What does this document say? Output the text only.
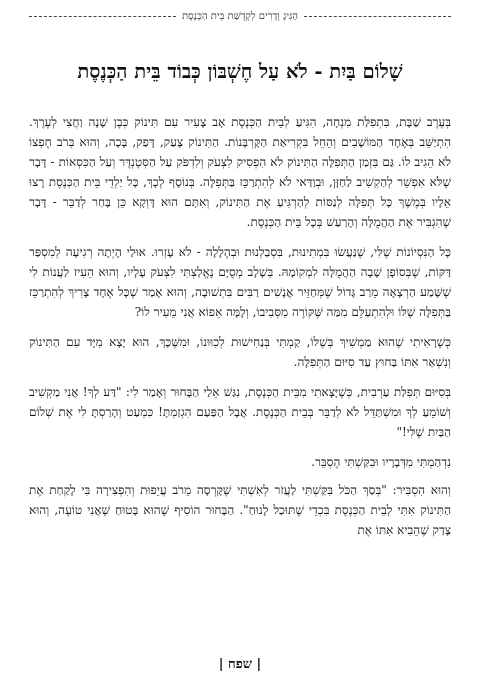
הַגִּיגָ וְדָרִים לִקְדֻשַּׁת בֵּית הַכְּנֶסֶת
שָׁלוֹם בַּיִת - לֹא עַל חֶשְׁבּוֹן כְּבוֹד בֵּית הַכְּנֶסֶת

בְּעֶרֶב שַׁבָּת, בִּתְפִלַּת מִנְחָה, הִגִּיעַ לְבֵית הַכְּנֶסֶת אָב צָעִיר עִם תִּינוֹק כְּבֶן שָׁנָה וַחֲצִי לְעֶרֶךְ. הִתְיַשֵּׁב בְּאֶחָד הַמּוֹשָׁבִים וְהֵחֵל בִּקְרִיאַת הַקָּרְבָּנוֹת. הַתִּינוֹק צָעַק, דָּפַק, בָּכָה, וְהוּא בְּרֹב חֶפְצוֹ לֹא הֵגִיב לוֹ. גַּם בִּזְמַן הַתְּפִלָּה הַתִּינוֹק לֹא הִפְסִיק לִצְעֹק וְלִדְפֹּק עַל הַסְּטֶנְדֶּר וְעַל הַכִּסְאוֹת - דָּבָר שֶׁלֹּא אִפְשֵׁר לְהַקְשִׁיב לַחַזָּן, וּבְוַדַּאי לֹא לְהִתְרַכֵּז בַּתְּפִלָּה. בְּנוֹסָף לְכָךְ, כָּל יַלְדֵי בֵּית הַכְּנֶסֶת רָצוּ אֵלָיו בְּמֶשֶׁךְ כָּל תְּפִלָּה לְנַסּוֹת לְהַרְגִּיעַ אֶת הַתִּינוֹק, וְאִתָּם הוּא דָּוְקָא כֵּן בָּחַר לְדַבֵּר - דָּבָר שֶׁהִגְבִּיר אֶת הַהֲמֻלָּה וְהָרַעַשׁ בְּכָל בֵּית הַכְּנֶסֶת.

כָּל הַנִּסְיוֹנוֹת שֶׁלִּי, שֶׁנַּעֲשׂוּ בִּמְתִינוּת, בִּסְבַלְנוּת וּבְהֶלָלָה - לֹא עָזְרוּ. אוּלַי הָיְתָה רְגִיעָה לְמִסְפַּר דַּקּוֹת, שֶׁבְּסוֹפָן שָׁבָה הַהֲמֻלָּה לִמְקוֹמָהּ. בְּשָׁלָב מְסֻיָּם נֶאֱלַצְתִּי לִצְעֹק עָלָיו, וְהוּא הֵעִיז לַעֲנוֹת לִי שֶׁשָּׁמַע הַרְצָאָה מֵרַב גָּדוֹל שֶׁמְּחַזֵּיר אֲנָשִׁים רַבִּים בִּתְשׁוּבָה, וְהוּא אָמַר שֶׁכָּל אֶחָד צָרִיךְ לְהִתְרַכֵּז בַּתְּפִלָּה שֶׁלּוֹ וּלְהִתְעַלֵּם מִמַּה שֶּׁקּוֹרֶה מִסְּבִיבוֹ, וְלָמָּה אֵפוֹא אֲנִי מֵעִיר לוֹ?

כְּשֶׁרָאִיתִי שֶׁהוּא מַמְשִׁיךְ בְּשֶׁלּוֹ, קַמְתִּי בְּנַחִישׁוּת לְכִוּוּנוֹ, וּמִשֶּׁכָּךְ, הוּא יָצָא מִיָּד עִם הַתִּינוֹק וְנִשְׁאַר אִתּוֹ בַּחוּץ עַד סִיּוּם הַתְּפִלָּה.

בְּסִיּוּם תְּפִלַּת עַרְבִית, כְּשֶׁיָּצָאתִי מִבֵּית הַכְּנֶסֶת, נִגַּשׁ אֵלַי הַבָּחוּר וְאָמַר לִי: "דַּע לְךָ! אֲנִי מַקְשִׁיב וְשׁוֹמֵעַ לְךָ וּמִשְׁתַּדֵּל לֹא לְדַבֵּר בְּבֵית הַכְּנֶסֶת. אֲבָל הַפַּעַם הִגְזַמְתָּ! כִּמְעַט וְהָרַסְתָּ לִי אֶת שְׁלוֹם הַבַּיִת שֶׁלִּי!"

נִדְהַמְתִּי מִדְּבָרָיו וּבִקַּשְׁתִּי הֶסְבֵּר.

וְהוּא הִסְבִּיר: "בְּסַךְ הַכֹּל בִּקַּשְׁתִּי לַעֲזֹר לְאִשְׁתִּי שֶׁקָּרְסָה מֵרֹב עֲיֵפוּת וְהִפְצִירָה בִּי לָקַחַת אֶת הַתִּינוֹק אִתִּי לְבֵית הַכְּנֶסֶת בִּכְדֵי שֶׁתּוּכַל לָנוּחַ". הַבָּחוּר הוֹסִיף שֶׁהוּא בָּטוּחַ שֶׁאֲנִי טוֹעֶה, וְהוּא צָדַק שֶׁהֵבִיא אִתּוֹ אֶת

| שפח |
